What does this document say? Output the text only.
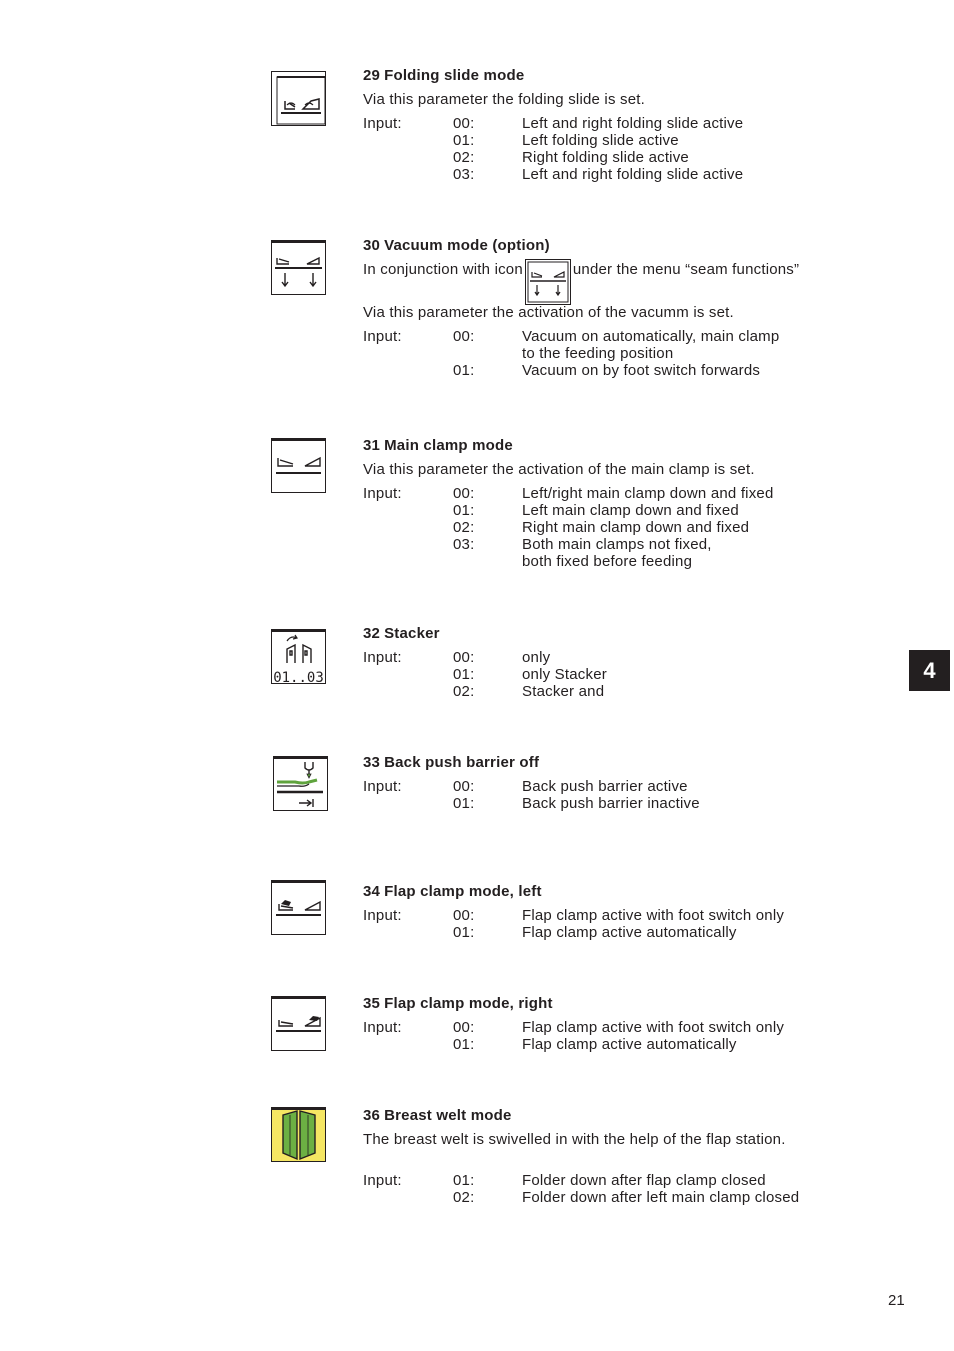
29 Folding slide mode
Via this parameter the folding slide is set.
Input:	00:	Left and right folding slide active
01:	Left folding slide active
02:	Right folding slide active
03:	Left and right folding slide active
30 Vacuum mode (option)
In conjunction with icon	under the menu “seam functions”
Via this parameter the activation of the vacumm is set.
Input:	00:	Vacuum on automatically, main clamp
to the feeding position
01:	Vacuum on by foot switch forwards
31 Main clamp mode
Via this parameter the activation of the main clamp is set.
Input:	00:	Left/right main clamp down and fixed
01:	Left main clamp down and fixed
02:	Right main clamp down and fixed
03:	Both main clamps not fixed,
both fixed before feeding
01..03
32 Stacker
Input:	00:	only
01:	only Stacker
02:	Stacker and
4
33 Back push barrier off
Input:	00:	Back push barrier active
01:	Back push barrier inactive
34 Flap clamp mode, left
Input:	00:	Flap clamp active with foot switch only
01:	Flap clamp active automatically
35 Flap clamp mode, right
Input:	00:	Flap clamp active with foot switch only
01:	Flap clamp active automatically
36 Breast welt mode
The breast welt is swivelled in with the help of the flap station.
Input:	01:	Folder down after flap clamp closed
02:	Folder down after left main clamp closed
21
